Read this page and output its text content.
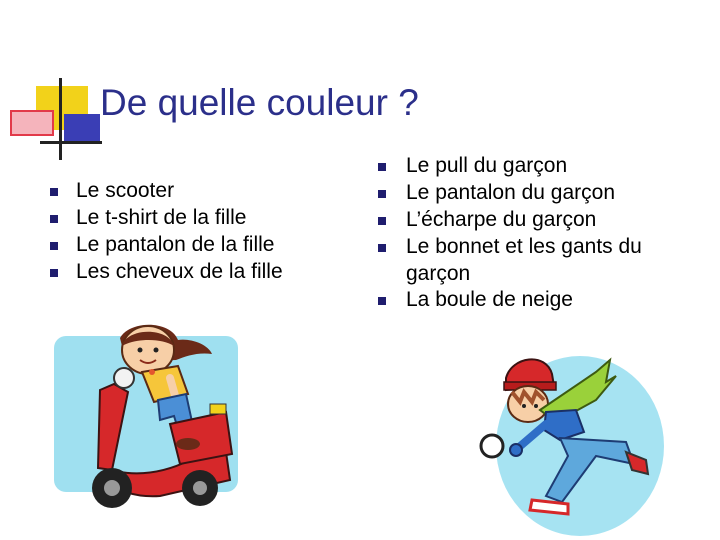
De quelle couleur ?
Le scooter
Le t-shirt de la fille
Le pantalon de la fille
Les cheveux de la fille
Le pull du garçon
Le pantalon du garçon
L’écharpe du garçon
Le bonnet et les gants du garçon
La boule de neige
